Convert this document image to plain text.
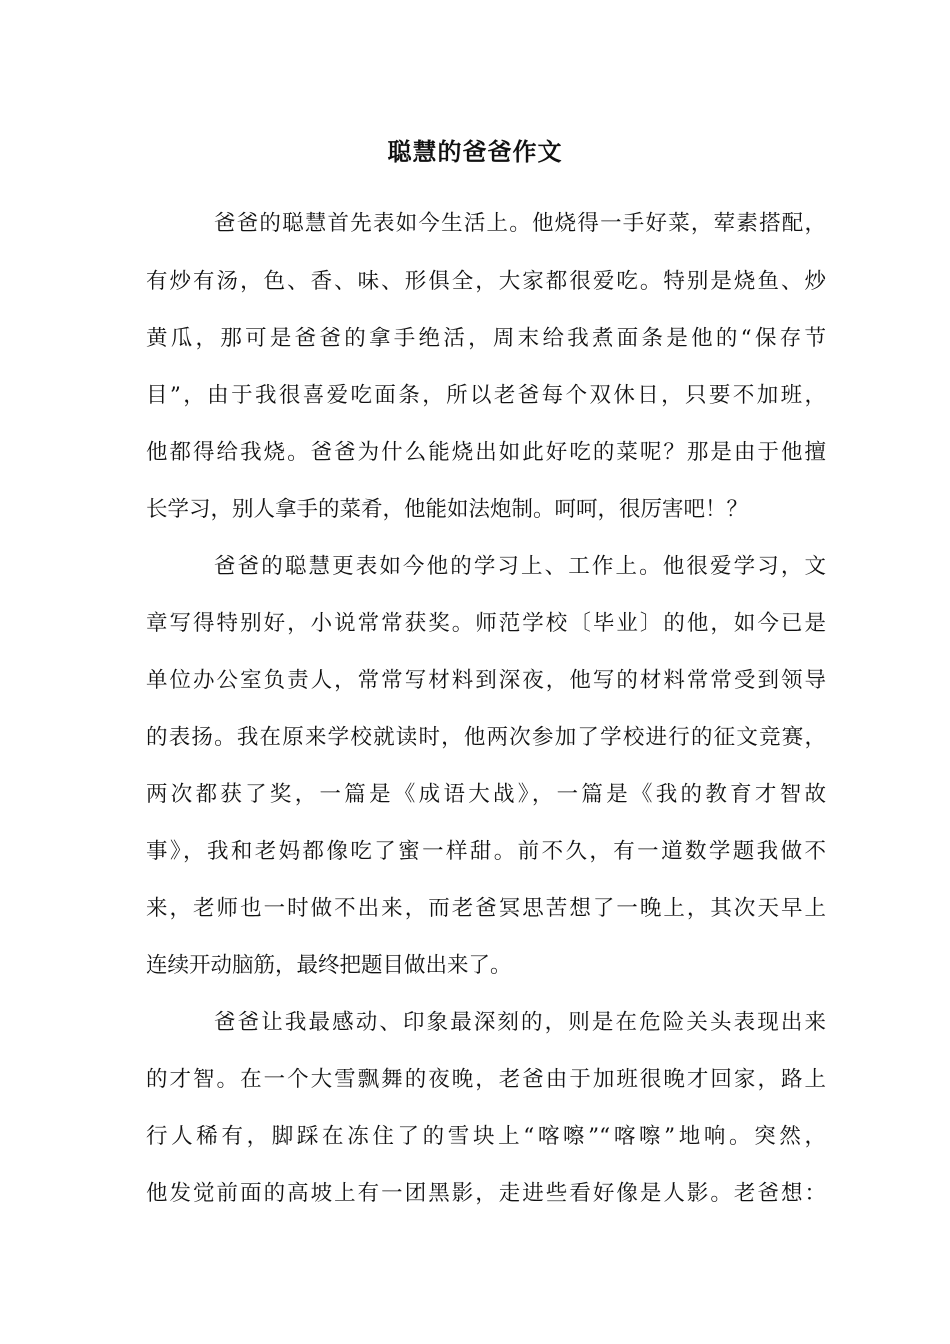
聪慧的爸爸作文
爸爸的聪慧首先表如今生活上。他烧得一手好菜，荤素搭配，
有炒有汤，色、香、味、形俱全，大家都很爱吃。特别是烧鱼、炒
黄瓜，那可是爸爸的拿手绝活，周末给我煮面条是他的“保存节
目”，由于我很喜爱吃面条，所以老爸每个双休日，只要不加班，
他都得给我烧。爸爸为什么能烧出如此好吃的菜呢？那是由于他擅
长学习，别人拿手的菜肴，他能如法炮制。呵呵，很厉害吧！？
爸爸的聪慧更表如今他的学习上、工作上。他很爱学习，文
章写得特别好，小说常常获奖。师范学校〔毕业〕的他，如今已是
单位办公室负责人，常常写材料到深夜，他写的材料常常受到领导
的表扬。我在原来学校就读时，他两次参加了学校进行的征文竞赛，
两次都获了奖，一篇是《成语大战》，一篇是《我的教育才智故
事》，我和老妈都像吃了蜜一样甜。前不久，有一道数学题我做不
来，老师也一时做不出来，而老爸冥思苦想了一晚上，其次天早上
连续开动脑筋，最终把题目做出来了。
爸爸让我最感动、印象最深刻的，则是在危险关头表现出来
的才智。在一个大雪飘舞的夜晚，老爸由于加班很晚才回家，路上
行人稀有，脚踩在冻住了的雪块上“喀嚓”“喀嚓”地响。突然，
他发觉前面的高坡上有一团黑影，走进些看好像是人影。老爸想：
